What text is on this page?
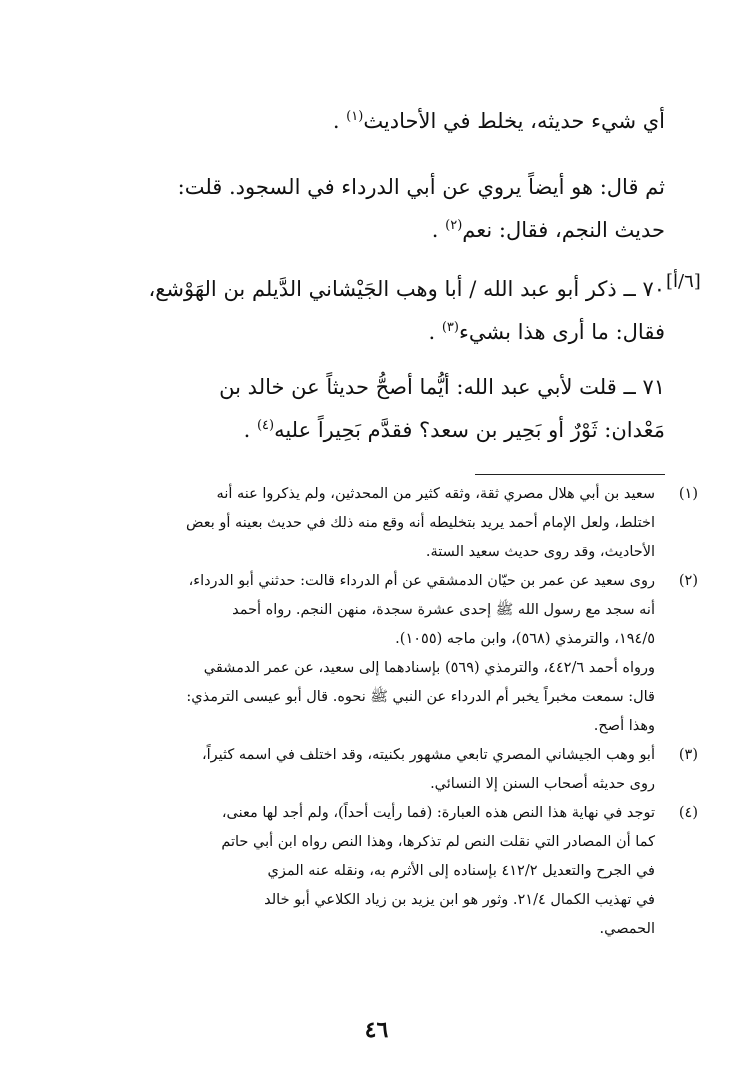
أي شيء حديثه، يخلط في الأحاديث$^{(١)}$ .

ثم قال: هو أيضاً يروي عن أبي الدرداء في السجود. قلت:

حديث النجم، فقال: نعم$^{(٢)}$ .

[٦/أ]

٧٠ ــ ذكر أبو عبد الله / أبا وهب الجَيْشاني الدَّيلم بن الهَوْشع،

فقال: ما أرى هذا بشيء$^{(٣)}$ .

٧١ ــ قلت لأبي عبد الله: أيُّما أصحُّ حديثاً عن خالد بن

مَعْدان: ثَوْرٌ أو بَحِير بن سعد؟ فقدَّم بَحِيراً عليه$^{(٤)}$ .

(١)
سعيد بن أبي هلال مصري ثقة، وثقه كثير من المحدثين، ولم يذكروا عنه أنه
اختلط، ولعل الإمام أحمد يريد بتخليطه أنه وقع منه ذلك في حديث بعينه أو بعض
الأحاديث، وقد روى حديث سعيد الستة.
(٢)
روى سعيد عن عمر بن حيّان الدمشقي عن أم الدرداء قالت: حدثني أبو الدرداء،
أنه سجد مع رسول الله ﷺ إحدى عشرة سجدة، منهن النجم. رواه أحمد
١٩٤/٥، والترمذي (٥٦٨)، وابن ماجه (١٠٥٥).
ورواه أحمد ٤٤٢/٦، والترمذي (٥٦٩) بإسنادهما إلى سعيد، عن عمر الدمشقي
قال: سمعت مخبراً يخبر أم الدرداء عن النبي ﷺ نحوه. قال أبو عيسى الترمذي:
وهذا أصح.
(٣)
أبو وهب الجيشاني المصري تابعي مشهور بكنيته، وقد اختلف في اسمه كثيراً،
روى حديثه أصحاب السنن إلا النسائي.
(٤)
توجد في نهاية هذا النص هذه العبارة: (فما رأيت أحداً)، ولم أجد لها معنى،
كما أن المصادر التي نقلت النص لم تذكرها، وهذا النص رواه ابن أبي حاتم
في الجرح والتعديل ٤١٢/٢ بإسناده إلى الأثرم به، ونقله عنه المزي
في تهذيب الكمال ٢١/٤. وثور هو ابن يزيد بن زياد الكلاعي أبو خالد
الحمصي.
٤٦
